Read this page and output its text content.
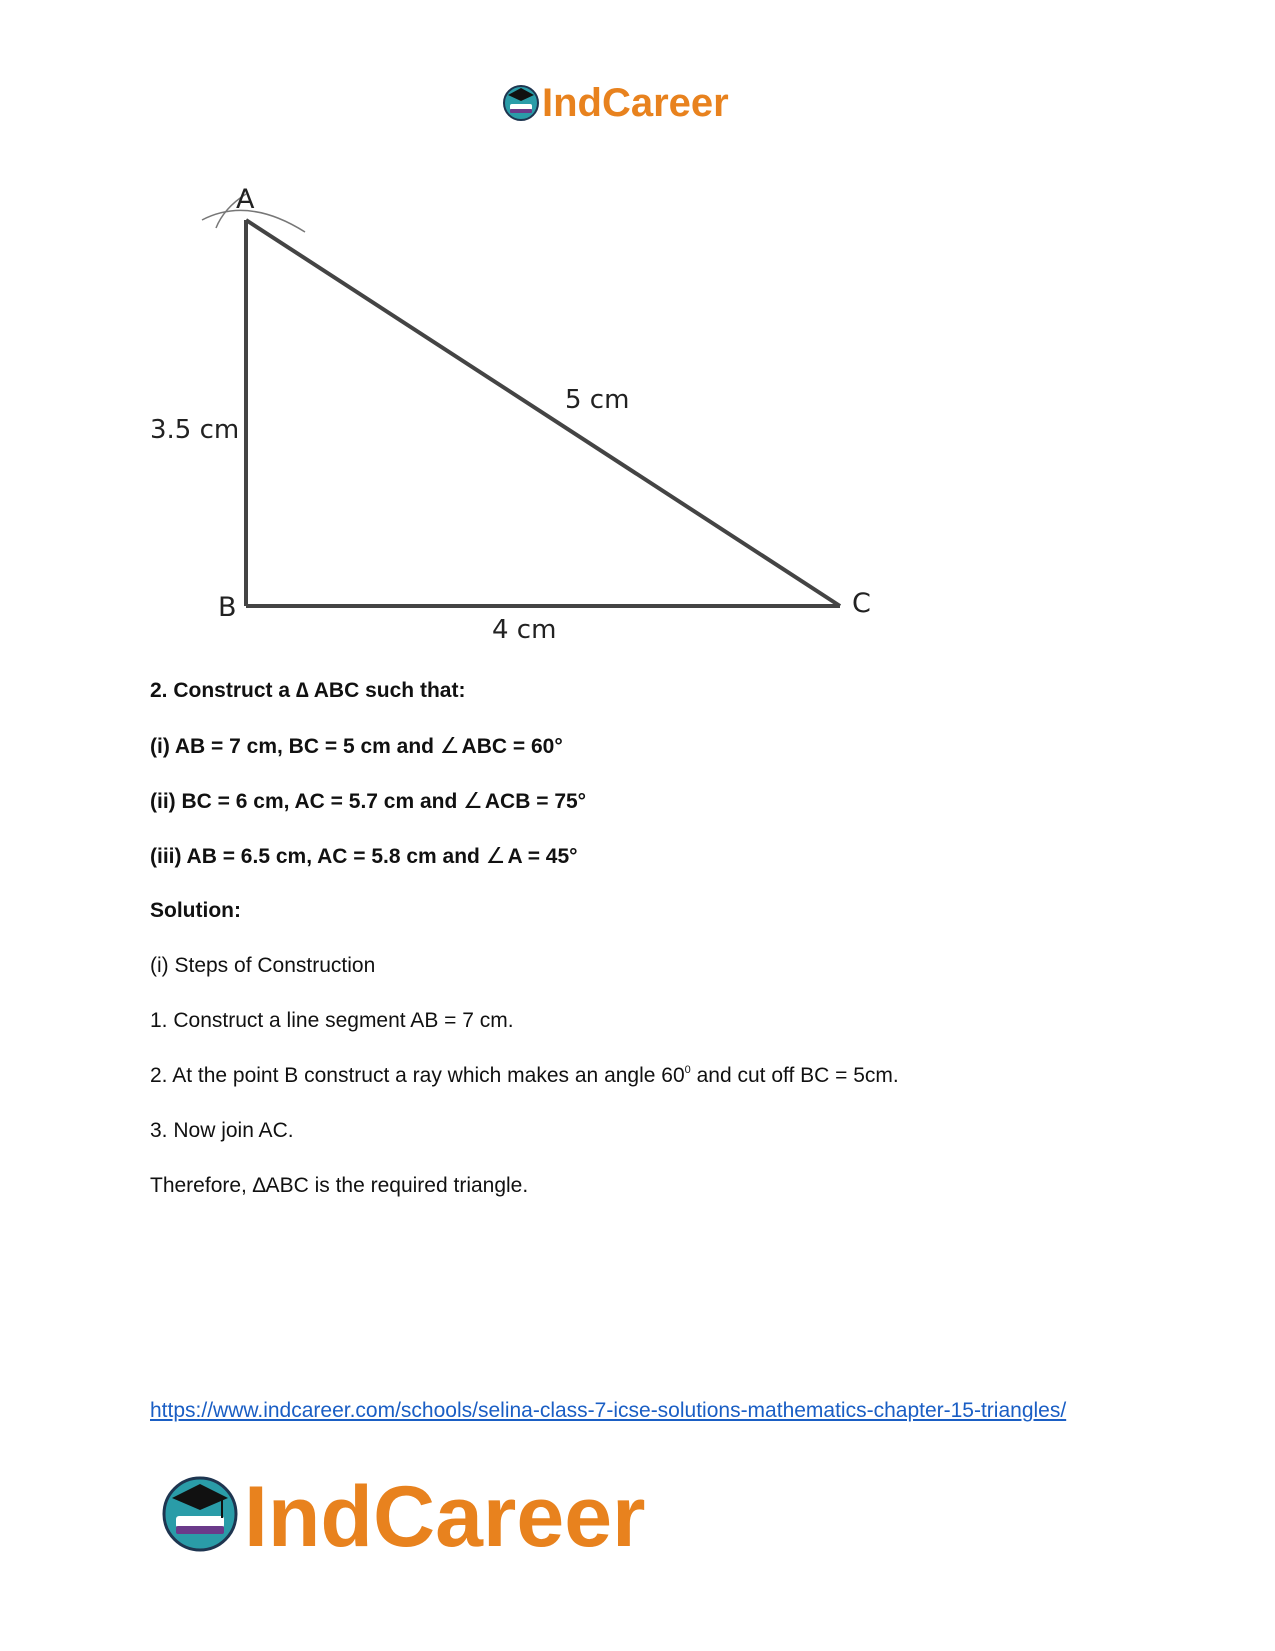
IndCareer
A
B	C
3.5 cm
5 cm
4 cm
2. Construct a ∆ ABC such that:
(i) AB = 7 cm, BC = 5 cm and ∠ABC = 60°
(ii) BC = 6 cm, AC = 5.7 cm and ∠ACB = 75°
(iii) AB = 6.5 cm, AC = 5.8 cm and ∠A = 45°
Solution:
(i) Steps of Construction
1. Construct a line segment AB = 7 cm.
2. At the point B construct a ray which makes an angle $60^0$ and cut off BC = 5cm.
3. Now join AC.
Therefore, ∆ABC is the required triangle.
https://www.indcareer.com/schools/selina-class-7-icse-solutions-mathematics-chapter-15-triangles/
IndCareer
